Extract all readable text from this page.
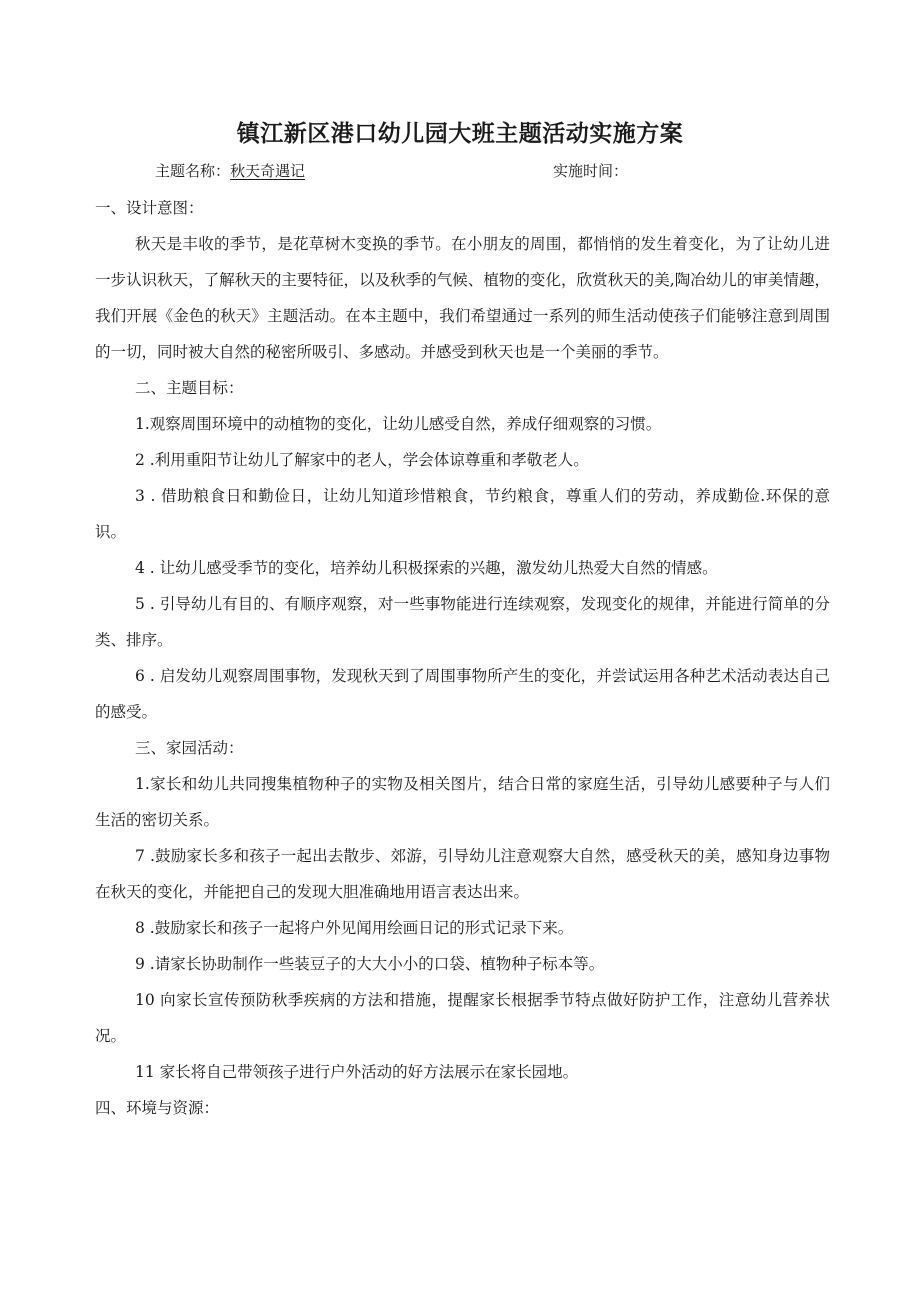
镇江新区港口幼儿园大班主题活动实施方案
主题名称：秋天奇遇记	实施时间：

一、设计意图：

秋天是丰收的季节，是花草树木变换的季节。在小朋友的周围，都悄悄的发生着变化，为了让幼儿进一步认识秋天，了解秋天的主要特征，以及秋季的气候、植物的变化，欣赏秋天的美,陶冶幼儿的审美情趣，我们开展《金色的秋天》主题活动。在本主题中，我们希望通过一系列的师生活动使孩子们能够注意到周围的一切，同时被大自然的秘密所吸引、多感动。并感受到秋天也是一个美丽的季节。

二、主题目标：

1.观察周围环境中的动植物的变化，让幼儿感受自然，养成仔细观察的习惯。

2 .利用重阳节让幼儿了解家中的老人，学会体谅尊重和孝敬老人。

3 . 借助粮食日和勤俭日，让幼儿知道珍惜粮食，节约粮食，尊重人们的劳动，养成勤俭.环保的意识。

4 . 让幼儿感受季节的变化，培养幼儿积极探索的兴趣，激发幼儿热爱大自然的情感。

5 . 引导幼儿有目的、有顺序观察，对一些事物能进行连续观察，发现变化的规律，并能进行简单的分类、排序。

6 . 启发幼儿观察周围事物，发现秋天到了周围事物所产生的变化，并尝试运用各种艺术活动表达自己的感受。

三、家园活动：

1.家长和幼儿共同搜集植物种子的实物及相关图片，结合日常的家庭生活，引导幼儿感要种子与人们生活的密切关系。

7 .鼓励家长多和孩子一起出去散步、郊游，引导幼儿注意观察大自然，感受秋天的美，感知身边事物在秋天的变化，并能把自己的发现大胆准确地用语言表达出来。

8 .鼓励家长和孩子一起将户外见闻用绘画日记的形式记录下来。

9 .请家长协助制作一些装豆子的大大小小的口袋、植物种子标本等。

10 向家长宣传预防秋季疾病的方法和措施，提醒家长根据季节特点做好防护工作，注意幼儿营养状况。

11 家长将自己带领孩子进行户外活动的好方法展示在家长园地。

四、环境与资源：
